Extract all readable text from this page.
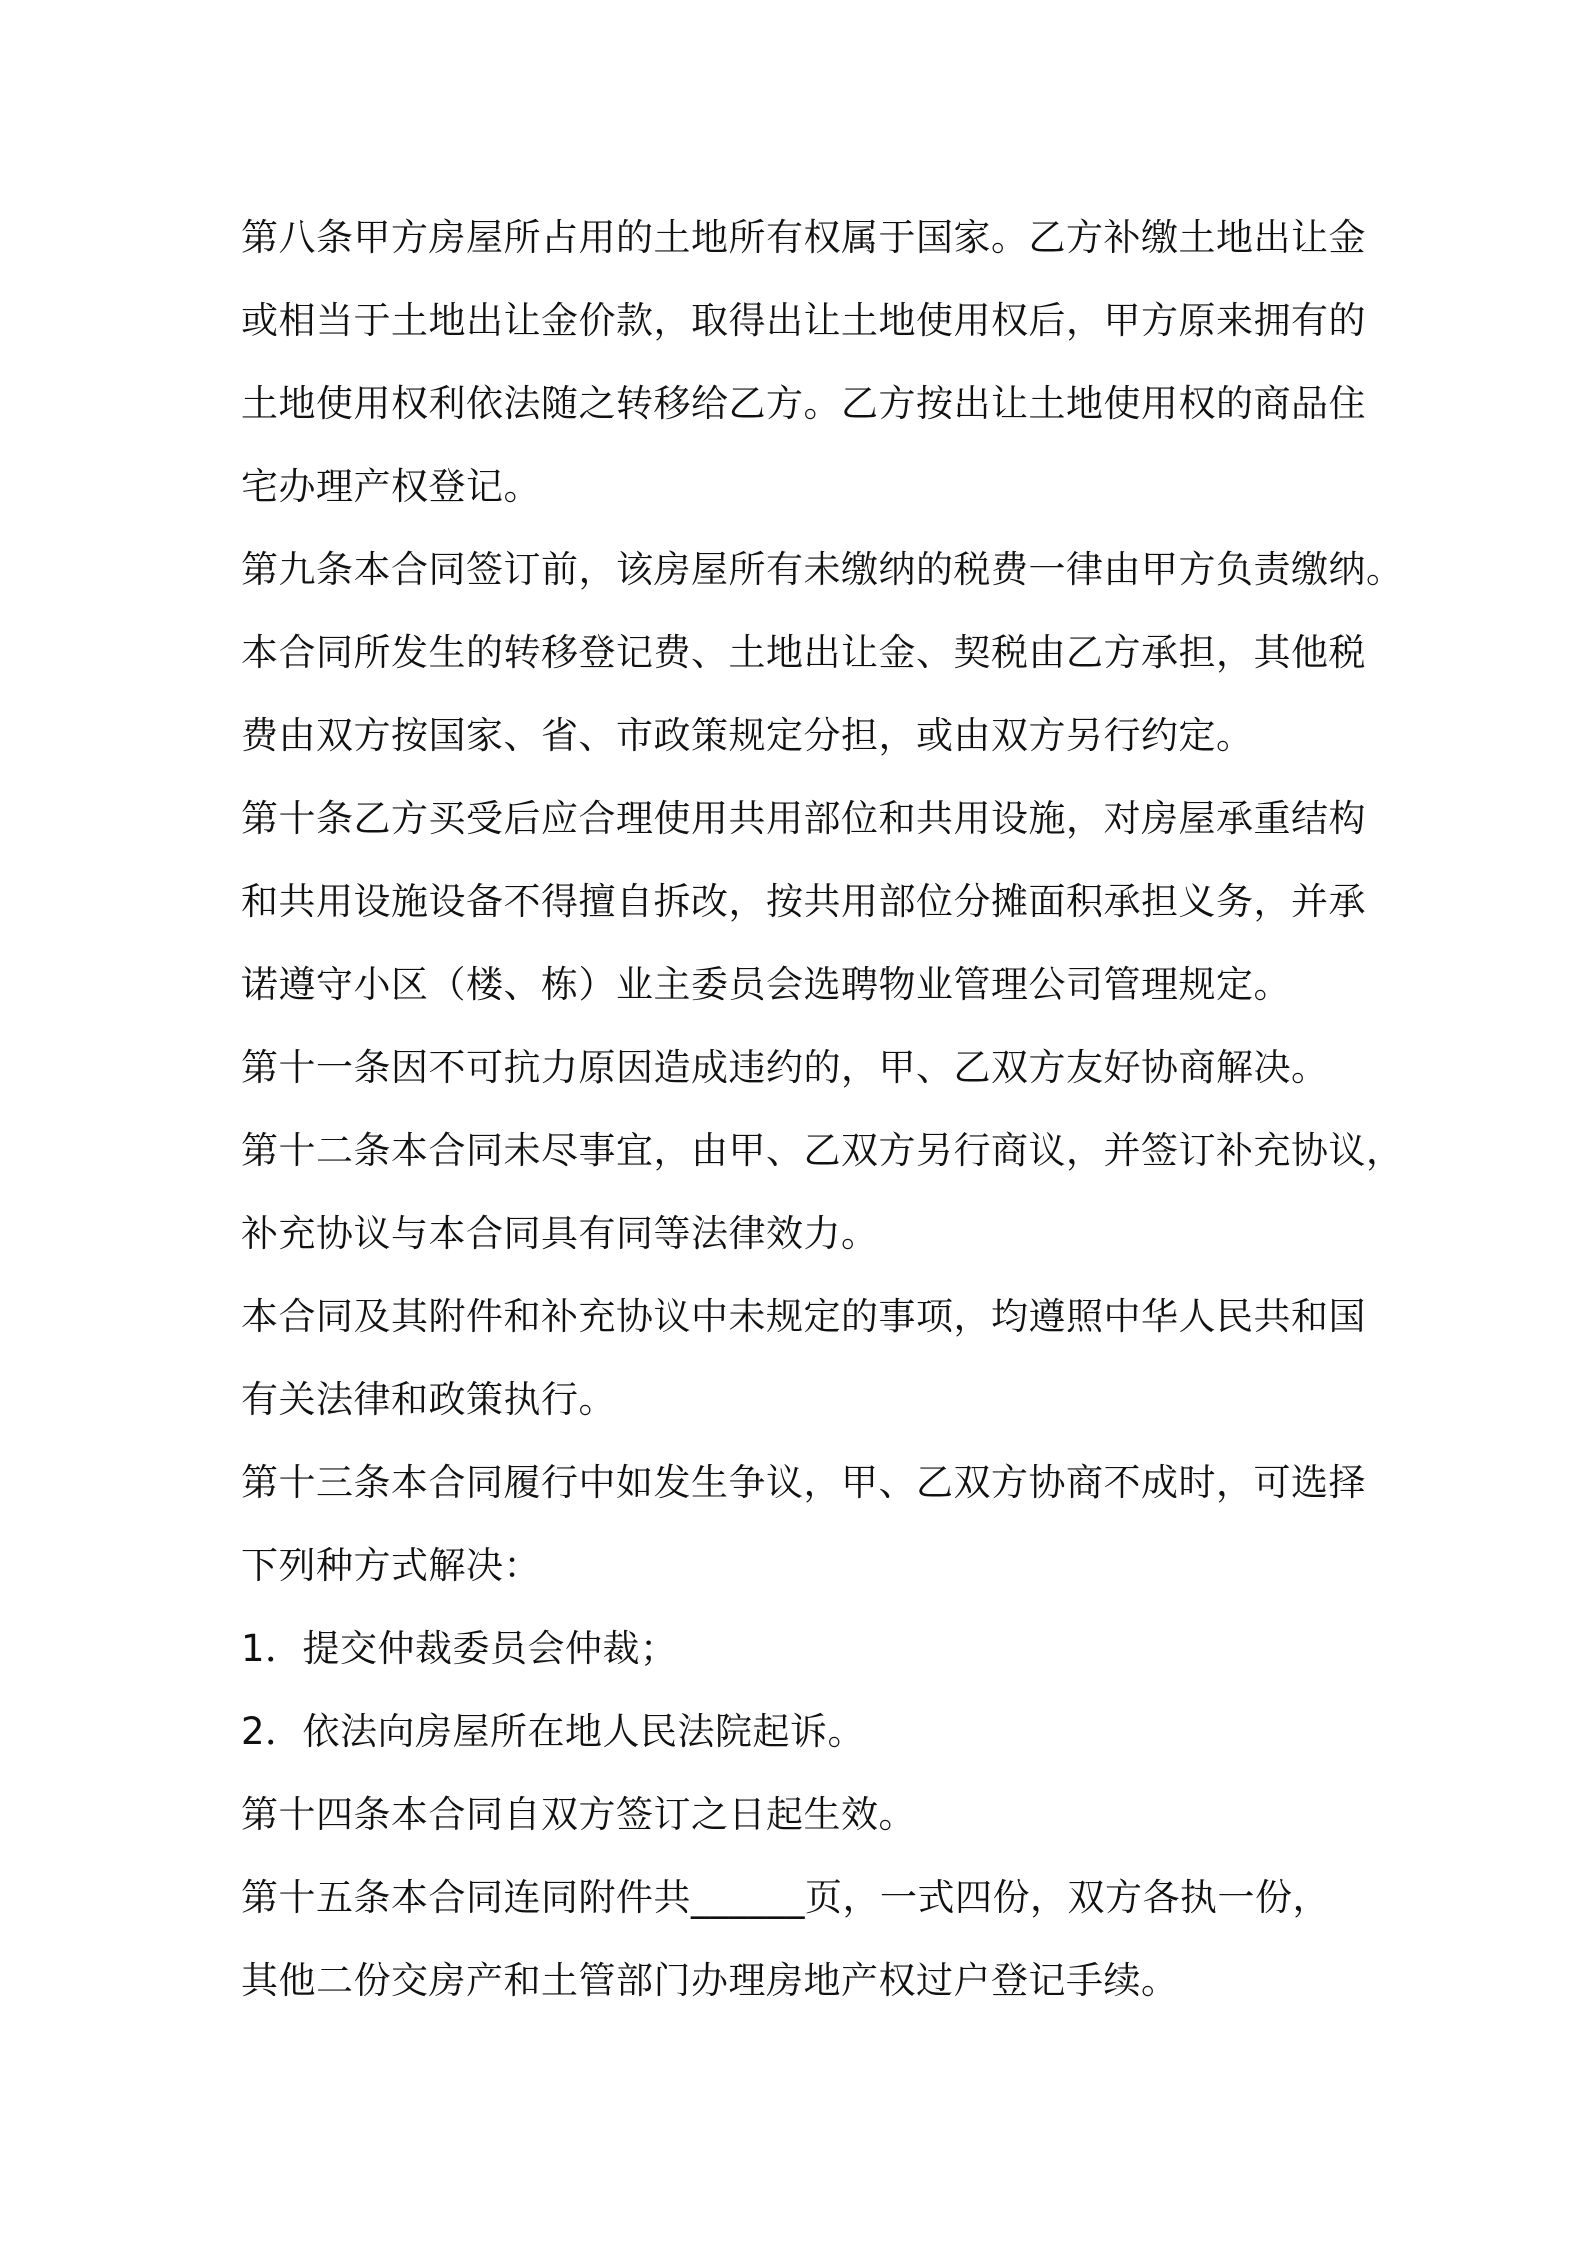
第八条甲方房屋所占用的土地所有权属于国家。乙方补缴土地出让金
或相当于土地出让金价款，取得出让土地使用权后，甲方原来拥有的
土地使用权利依法随之转移给乙方。乙方按出让土地使用权的商品住
宅办理产权登记。
第九条本合同签订前，该房屋所有未缴纳的税费一律由甲方负责缴纳。
本合同所发生的转移登记费、土地出让金、契税由乙方承担，其他税
费由双方按国家、省、市政策规定分担，或由双方另行约定。
第十条乙方买受后应合理使用共用部位和共用设施，对房屋承重结构
和共用设施设备不得擅自拆改，按共用部位分摊面积承担义务，并承
诺遵守小区（楼、栋）业主委员会选聘物业管理公司管理规定。
第十一条因不可抗力原因造成违约的，甲、乙双方友好协商解决。
第十二条本合同未尽事宜，由甲、乙双方另行商议，并签订补充协议，
补充协议与本合同具有同等法律效力。
本合同及其附件和补充协议中未规定的事项，均遵照中华人民共和国
有关法律和政策执行。
第十三条本合同履行中如发生争议，甲、乙双方协商不成时，可选择
下列种方式解决：
1．提交仲裁委员会仲裁；
2．依法向房屋所在地人民法院起诉。
第十四条本合同自双方签订之日起生效。
第十五条本合同连同附件共______页，一式四份，双方各执一份，
其他二份交房产和土管部门办理房地产权过户登记手续。
